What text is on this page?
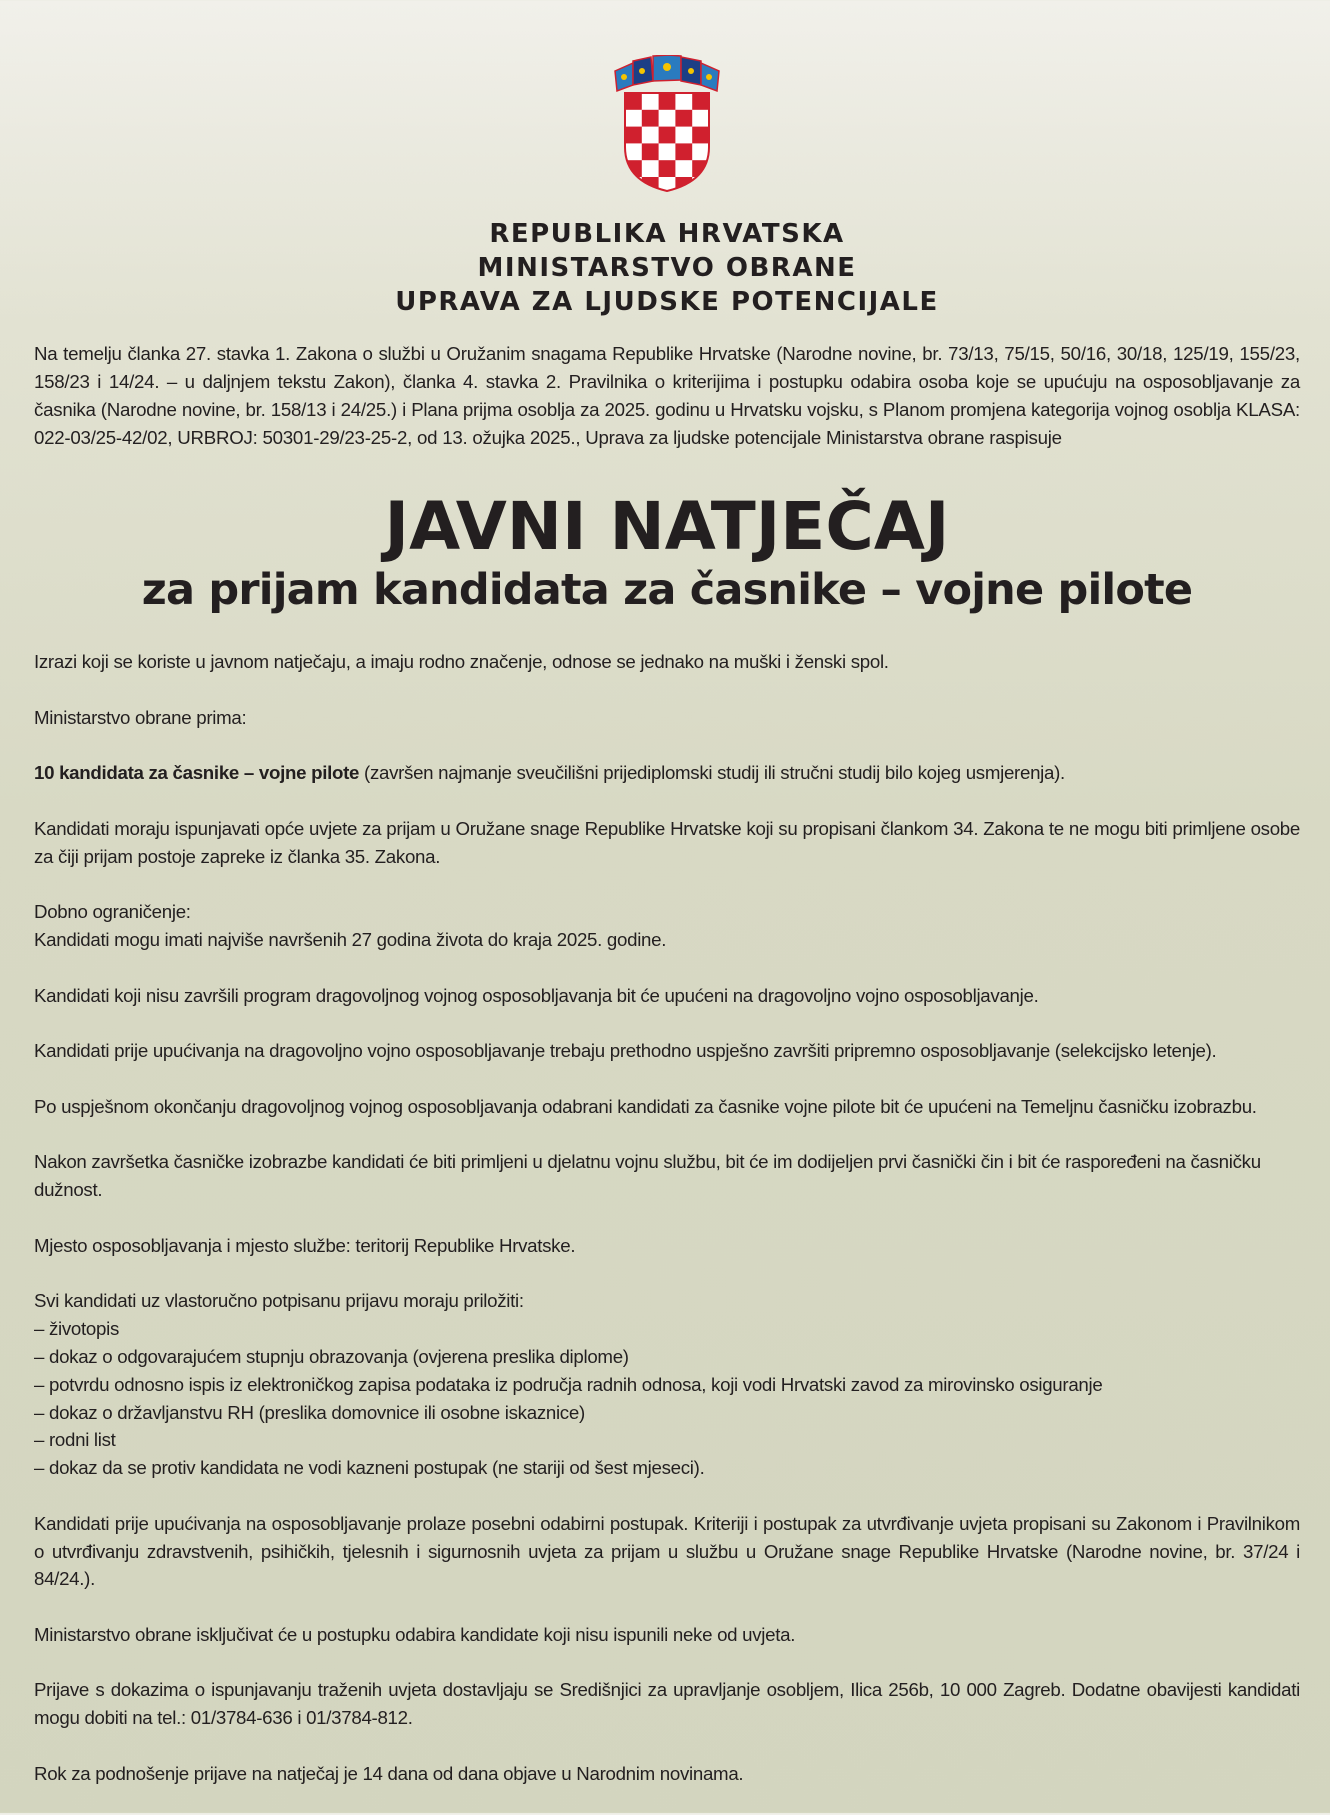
REPUBLIKA HRVATSKA
MINISTARSTVO OBRANE
UPRAVA ZA LJUDSKE POTENCIJALE
Na temelju članka 27. stavka 1. Zakona o službi u Oružanim snagama Republike Hrvatske (Narodne novine, br. 73/13, 75/15, 50/16, 30/18, 125/19, 155/23, 158/23 i 14/24. – u daljnjem tekstu Zakon), članka 4. stavka 2. Pravilnika o kriterijima i postupku odabira osoba koje se upućuju na osposobljavanje za časnika (Narodne novine, br. 158/13 i 24/25.) i Plana prijma osoblja za 2025. godinu u Hrvatsku vojsku, s Planom promjena kategorija vojnog osoblja KLASA: 022-03/25-42/02, URBROJ: 50301-29/23-25-2, od 13. ožujka 2025., Uprava za ljudske potencijale Ministarstva obrane raspisuje
JAVNI NATJEČAJ
za prijam kandidata za časnike – vojne pilote

Izrazi koji se koriste u javnom natječaju, a imaju rodno značenje, odnose se jednako na muški i ženski spol.

Ministarstvo obrane prima:

10 kandidata za časnike – vojne pilote (završen najmanje sveučilišni prijediplomski studij ili stručni studij bilo kojeg usmjerenja).

Kandidati moraju ispunjavati opće uvjete za prijam u Oružane snage Republike Hrvatske koji su propisani člankom 34. Zakona te ne mogu biti primljene osobe za čiji prijam postoje zapreke iz članka 35. Zakona.

Dobno ograničenje:
Kandidati mogu imati najviše navršenih 27 godina života do kraja 2025. godine.

Kandidati koji nisu završili program dragovoljnog vojnog osposobljavanja bit će upućeni na dragovoljno vojno osposobljavanje.

Kandidati prije upućivanja na dragovoljno vojno osposobljavanje trebaju prethodno uspješno završiti pripremno osposobljavanje (selekcijsko letenje).

Po uspješnom okončanju dragovoljnog vojnog osposobljavanja odabrani kandidati za časnike vojne pilote bit će upućeni na Temeljnu časničku izobrazbu.

Nakon završetka časničke izobrazbe kandidati će biti primljeni u djelatnu vojnu službu, bit će im dodijeljen prvi časnički čin i bit će raspoređeni na časničku dužnost.

Mjesto osposobljavanja i mjesto službe: teritorij Republike Hrvatske.

Svi kandidati uz vlastoručno potpisanu prijavu moraju priložiti:
– životopis
– dokaz o odgovarajućem stupnju obrazovanja (ovjerena preslika diplome)
– potvrdu odnosno ispis iz elektroničkog zapisa podataka iz područja radnih odnosa, koji vodi Hrvatski zavod za mirovinsko osiguranje
– dokaz o državljanstvu RH (preslika domovnice ili osobne iskaznice)
– rodni list
– dokaz da se protiv kandidata ne vodi kazneni postupak (ne stariji od šest mjeseci).

Kandidati prije upućivanja na osposobljavanje prolaze posebni odabirni postupak. Kriteriji i postupak za utvrđivanje uvjeta propisani su Zakonom i Pravilnikom o utvrđivanju zdravstvenih, psihičkih, tjelesnih i sigurnosnih uvjeta za prijam u službu u Oružane snage Republike Hrvatske (Narodne novine, br. 37/24 i 84/24.).

Ministarstvo obrane isključivat će u postupku odabira kandidate koji nisu ispunili neke od uvjeta.

Prijave s dokazima o ispunjavanju traženih uvjeta dostavljaju se Središnjici za upravljanje osobljem, Ilica 256b, 10 000 Zagreb. Dodatne obavijesti kandidati mogu dobiti na tel.: 01/3784-636 i 01/3784-812.

Rok za podnošenje prijave na natječaj je 14 dana od dana objave u Narodnim novinama.
